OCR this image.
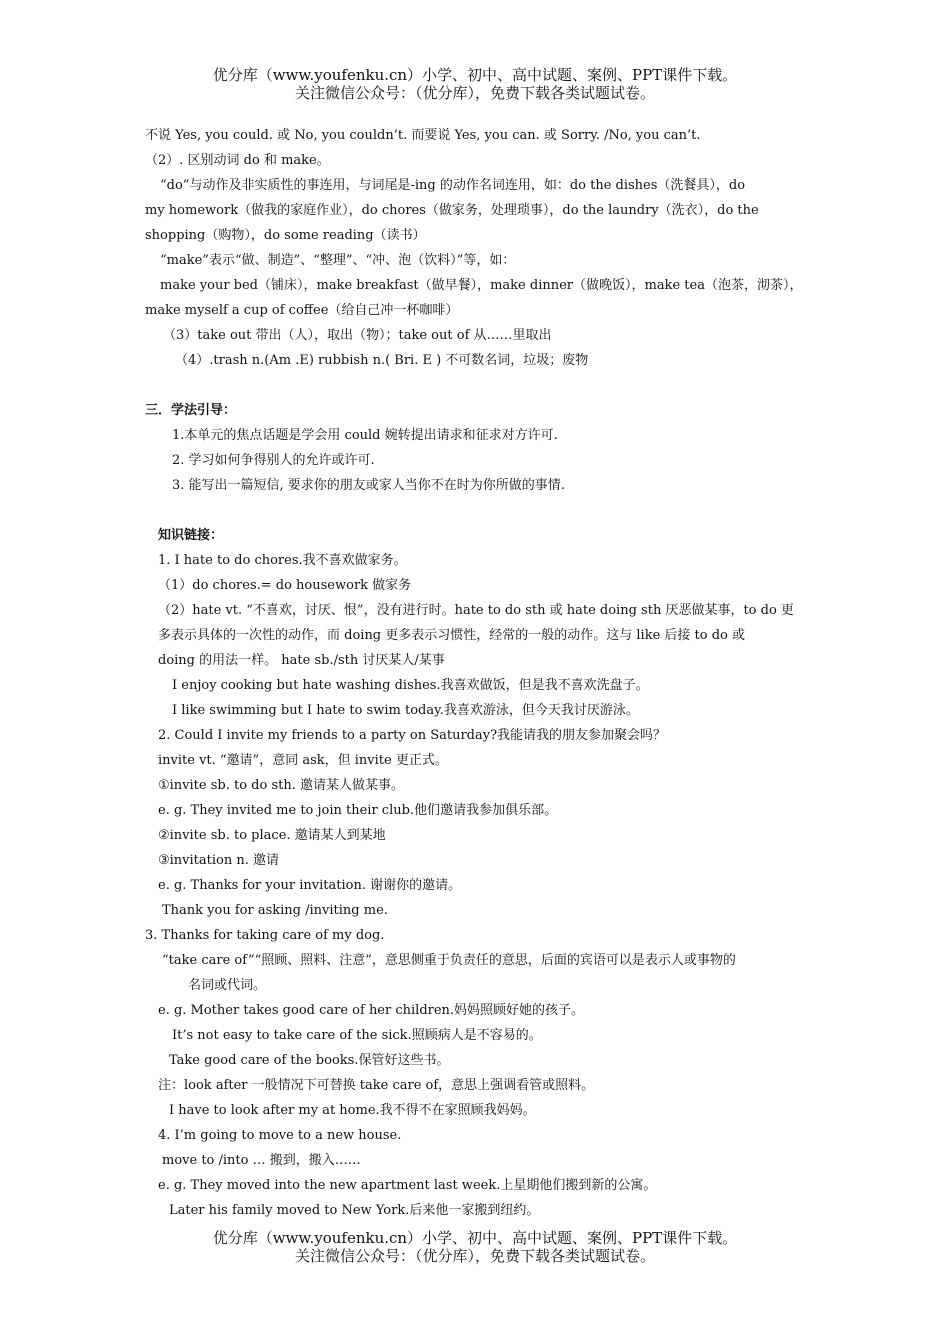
优分库（www.youfenku.cn）小学、初中、高中试题、案例、PPT课件下载。
关注微信公众号：（优分库），免费下载各类试题试卷。
不说 Yes, you could. 或 No, you couldn’t. 而要说 Yes, you can. 或 Sorry. /No, you can’t.
（2）. 区别动词 do 和 make。
“do”与动作及非实质性的事连用，与词尾是-ing 的动作名词连用，如：do the dishes（洗餐具），do
my homework（做我的家庭作业），do chores（做家务，处理琐事），do the laundry（洗衣），do the
shopping（购物），do some reading（读书）
“make”表示“做、制造”、“整理”、“冲、泡（饮料）”等，如：
make your bed（铺床），make breakfast（做早餐），make dinner（做晚饭），make tea（泡茶，沏茶），
make myself a cup of coffee（给自己冲一杯咖啡）
（3）take out 带出（人），取出（物）；take out of 从……里取出
（4）.trash n.(Am .E) rubbish n.( Bri. E ) 不可数名词，垃圾；废物
三．学法引导：
1.本单元的焦点话题是学会用 could 婉转提出请求和征求对方许可.
2. 学习如何争得别人的允许或许可.
3. 能写出一篇短信, 要求你的朋友或家人当你不在时为你所做的事情.
知识链接：
1. I hate to do chores.我不喜欢做家务。
（1）do chores.= do housework 做家务
（2）hate vt. “不喜欢，讨厌、恨”，没有进行时。hate to do sth 或 hate doing sth 厌恶做某事，to do 更
多表示具体的一次性的动作，而 doing 更多表示习惯性，经常的一般的动作。这与 like 后接 to do 或
doing 的用法一样。 hate sb./sth 讨厌某人/某事
I enjoy cooking but hate washing dishes.我喜欢做饭，但是我不喜欢洗盘子。
I like swimming but I hate to swim today.我喜欢游泳，但今天我讨厌游泳。
2. Could I invite my friends to a party on Saturday?我能请我的朋友参加聚会吗？
invite vt. “邀请”，意同 ask，但 invite 更正式。
①invite sb. to do sth. 邀请某人做某事。
e. g. They invited me to join their club.他们邀请我参加俱乐部。
②invite sb. to place. 邀请某人到某地
③invitation n. 邀请
e. g. Thanks for your invitation. 谢谢你的邀请。
Thank you for asking /inviting me.
3. Thanks for taking care of my dog.
“take care of”“照顾、照料、注意”，意思侧重于负责任的意思，后面的宾语可以是表示人或事物的
名词或代词。
e. g. Mother takes good care of her children.妈妈照顾好她的孩子。
It’s not easy to take care of the sick.照顾病人是不容易的。
Take good care of the books.保管好这些书。
注：look after 一般情况下可替换 take care of，意思上强调看管或照料。
I have to look after my at home.我不得不在家照顾我妈妈。
4. I’m going to move to a new house.
move to /into … 搬到，搬入……
e. g. They moved into the new apartment last week.上星期他们搬到新的公寓。
Later his family moved to New York.后来他一家搬到纽约。
优分库（www.youfenku.cn）小学、初中、高中试题、案例、PPT课件下载。
关注微信公众号：（优分库），免费下载各类试题试卷。
